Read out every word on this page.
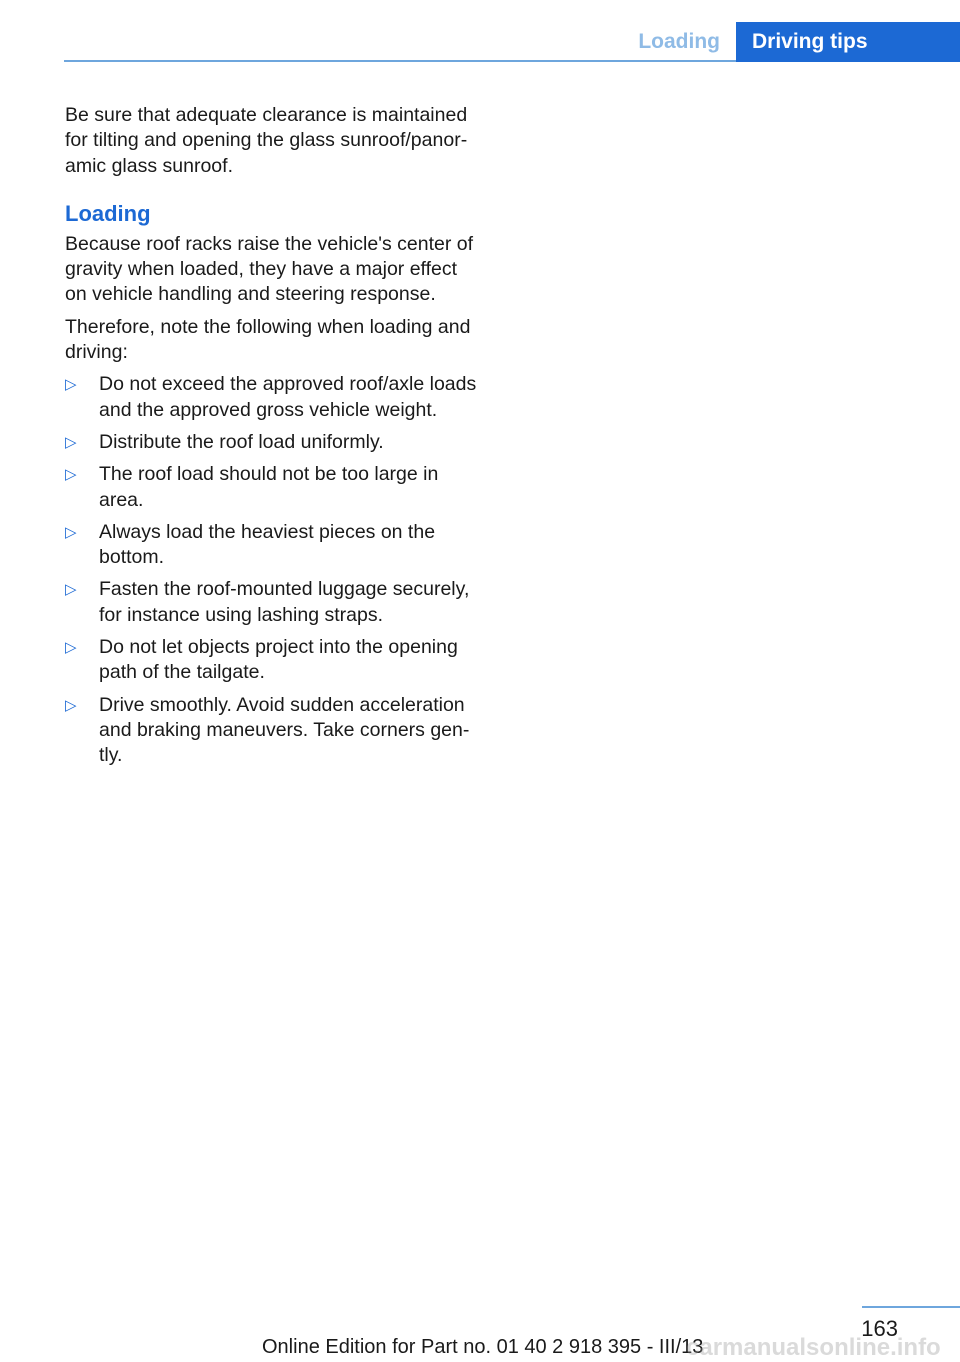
Loading	Driving tips

Be sure that adequate clearance is maintained for tilting and opening the glass sunroof/panoramic glass sunroof.

Loading

Because roof racks raise the vehicle's center of gravity when loaded, they have a major effect on vehicle handling and steering response.

Therefore, note the following when loading and driving:

▷ Do not exceed the approved roof/axle loads and the approved gross vehicle weight.
▷ Distribute the roof load uniformly.
▷ The roof load should not be too large in area.
▷ Always load the heaviest pieces on the bottom.
▷ Fasten the roof-mounted luggage securely, for instance using lashing straps.
▷ Do not let objects project into the opening path of the tailgate.
▷ Drive smoothly. Avoid sudden acceleration and braking maneuvers. Take corners gently.
163
Online Edition for Part no. 01 40 2 918 395 - III/13
carmanualsonline.info
